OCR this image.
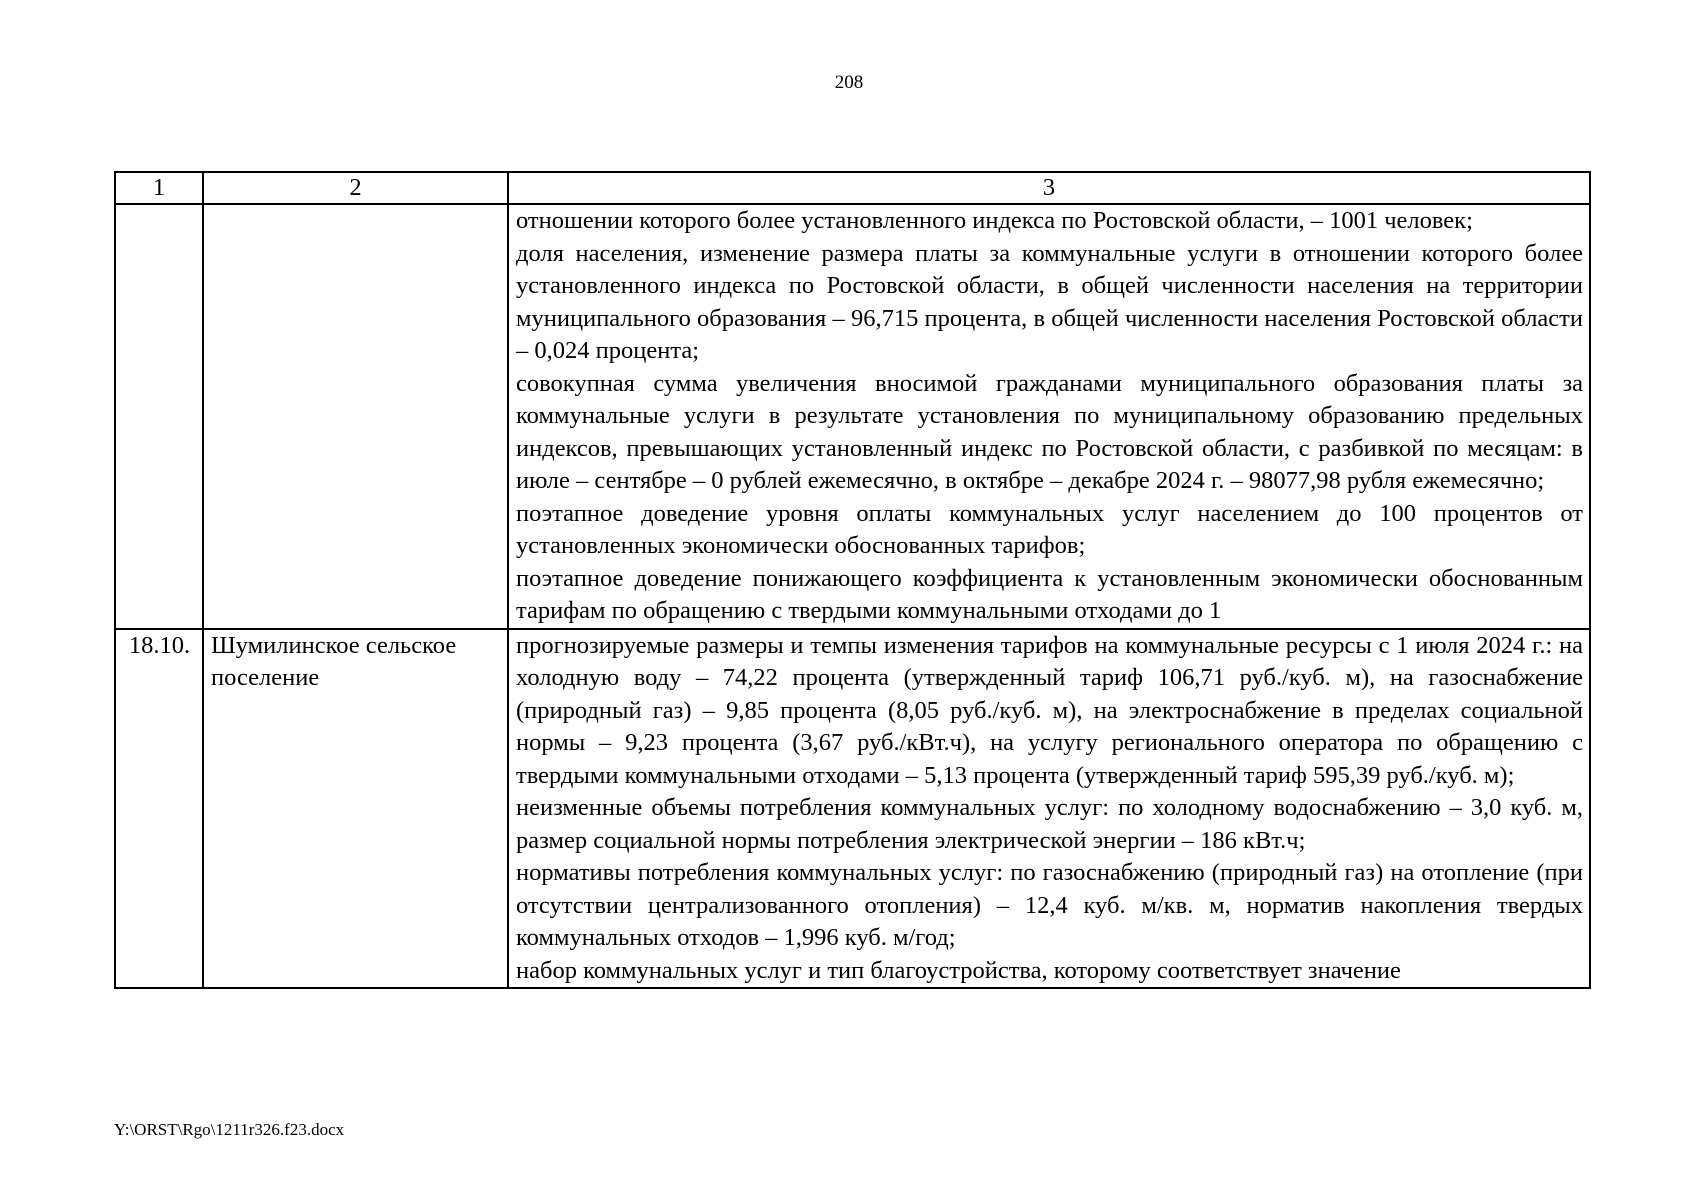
208
1	2	3

		отношении которого более установленного индекса по Ростовской области, – 1001 человек;
доля населения, изменение размера платы за коммунальные услуги в отношении которого более установленного индекса по Ростовской области, в общей численности населения на территории муниципального образования – 96,715 процента, в общей численности населения Ростовской области – 0,024 процента;
совокупная сумма увеличения вносимой гражданами муниципального образования платы за коммунальные услуги в результате установления по муниципальному образованию предельных индексов, превышающих установленный индекс по Ростовской области, с разбивкой по месяцам: в июле – сентябре – 0 рублей ежемесячно, в октябре – декабре 2024 г. – 98077,98 рубля ежемесячно;
поэтапное доведение уровня оплаты коммунальных услуг населением до 100 процентов от установленных экономически обоснованных тарифов;
поэтапное доведение понижающего коэффициента к установленным экономически обоснованным тарифам по обращению с твердыми коммунальными отходами до 1

18.10.	Шумилинское сельское поселение	прогнозируемые размеры и темпы изменения тарифов на коммунальные ресурсы с 1 июля 2024 г.: на холодную воду – 74,22 процента (утвержденный тариф 106,71 руб./куб. м), на газоснабжение (природный газ) – 9,85 процента (8,05 руб./куб. м), на электроснабжение в пределах социальной нормы – 9,23 процента (3,67 руб./кВт.ч), на услугу регионального оператора по обращению с твердыми коммунальными отходами – 5,13 процента (утвержденный тариф 595,39 руб./куб. м);
неизменные объемы потребления коммунальных услуг: по холодному водоснабжению – 3,0 куб. м, размер социальной нормы потребления электрической энергии – 186 кВт.ч;
нормативы потребления коммунальных услуг: по газоснабжению (природный газ) на отопление (при отсутствии централизованного отопления) – 12,4 куб. м/кв. м, норматив накопления твердых коммунальных отходов – 1,996 куб. м/год;
набор коммунальных услуг и тип благоустройства, которому соответствует значение
Y:\ORST\Rgo\1211r326.f23.docx
